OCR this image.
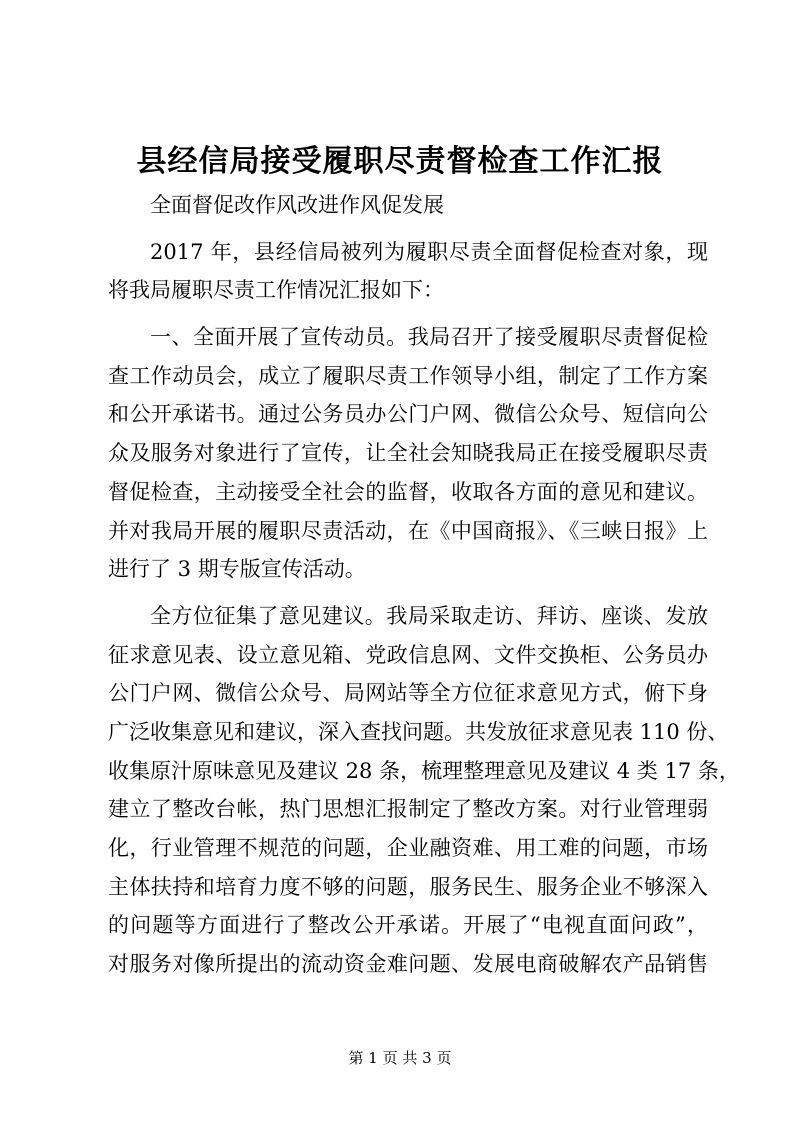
县经信局接受履职尽责督检查工作汇报
全面督促改作风改进作风促发展
2017 年，县经信局被列为履职尽责全面督促检查对象，现
将我局履职尽责工作情况汇报如下：
一、全面开展了宣传动员。我局召开了接受履职尽责督促检
查工作动员会，成立了履职尽责工作领导小组，制定了工作方案
和公开承诺书。通过公务员办公门户网、微信公众号、短信向公
众及服务对象进行了宣传，让全社会知晓我局正在接受履职尽责
督促检查，主动接受全社会的监督，收取各方面的意见和建议。
并对我局开展的履职尽责活动，在《中国商报》、《三峡日报》上
进行了 3 期专版宣传活动。
全方位征集了意见建议。我局采取走访、拜访、座谈、发放
征求意见表、设立意见箱、党政信息网、文件交换柜、公务员办
公门户网、微信公众号、局网站等全方位征求意见方式，俯下身
广泛收集意见和建议，深入查找问题。共发放征求意见表 110 份、
收集原汁原味意见及建议 28 条，梳理整理意见及建议 4 类 17 条，
建立了整改台帐，热门思想汇报制定了整改方案。对行业管理弱
化，行业管理不规范的问题，企业融资难、用工难的问题，市场
主体扶持和培育力度不够的问题，服务民生、服务企业不够深入
的问题等方面进行了整改公开承诺。开展了“电视直面问政”，
对服务对像所提出的流动资金难问题、发展电商破解农产品销售
第 1 页 共 3 页
